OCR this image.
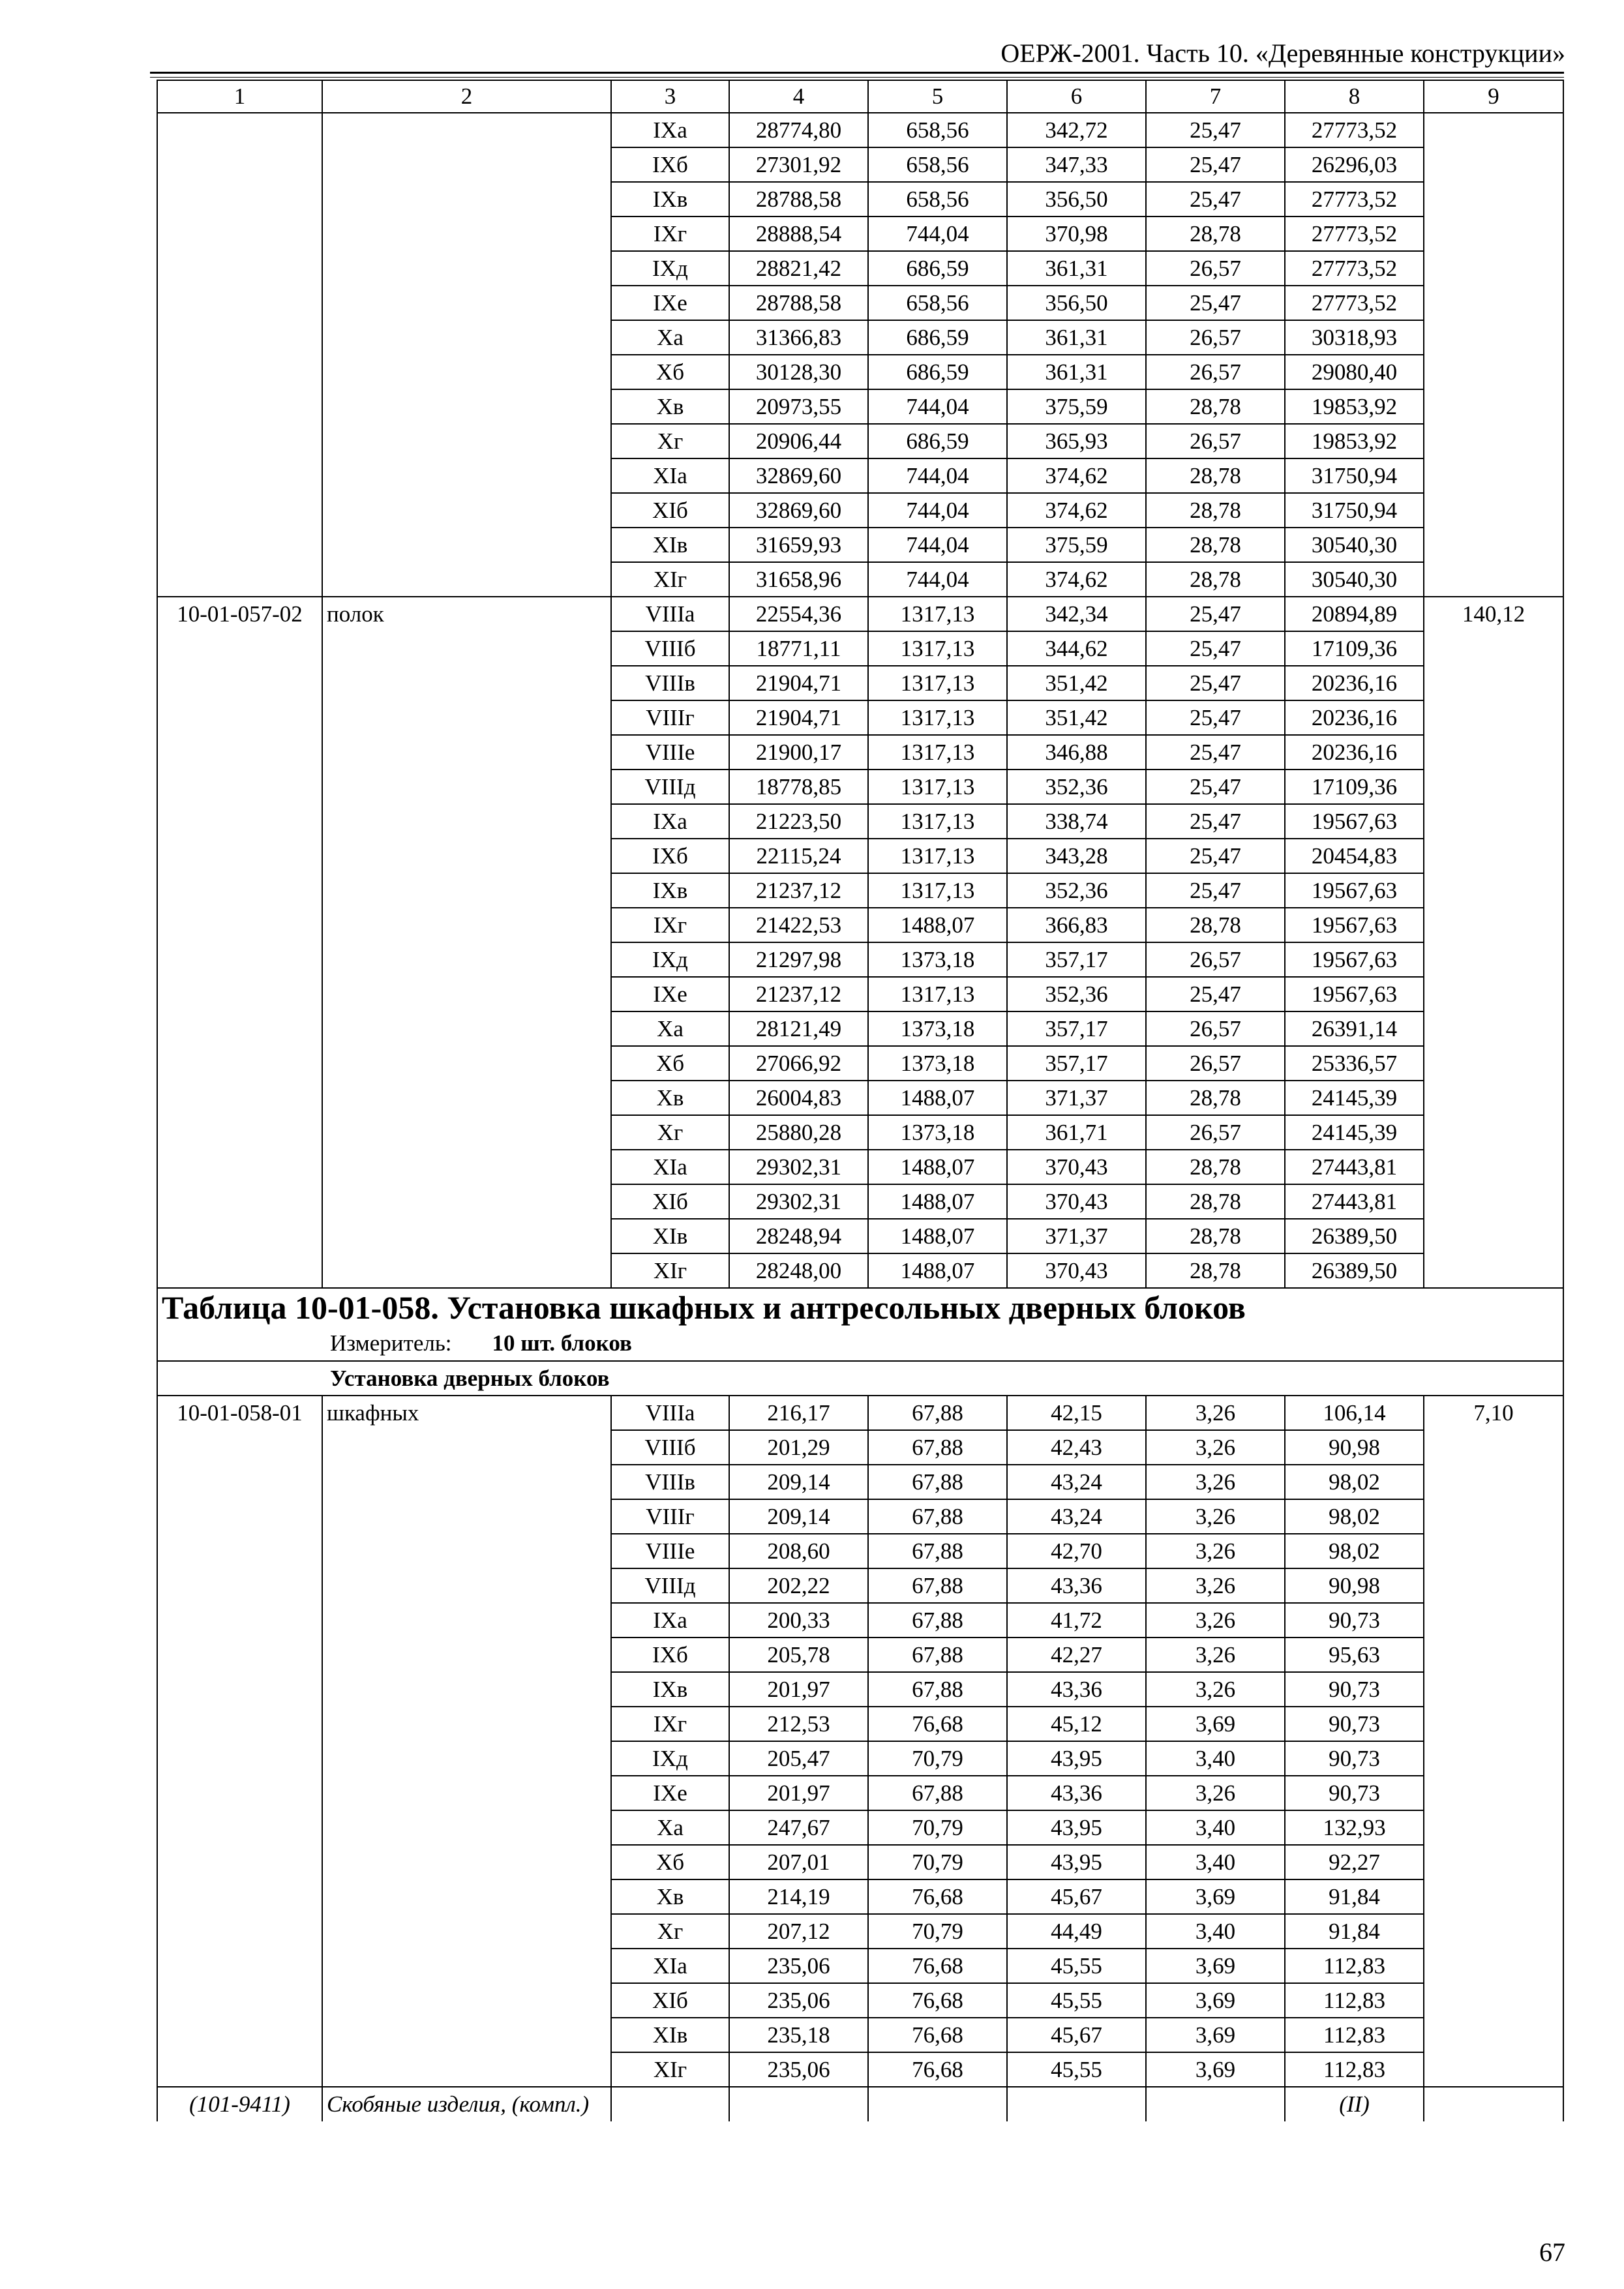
ОЕРЖ-2001. Часть 10. «Деревянные конструкции»
1	2	3	4	5	6	7	8	9
		IXa	28774,80	658,56	342,72	25,47	27773,52	
		IXб	27301,92	658,56	347,33	25,47	26296,03	
		IXв	28788,58	658,56	356,50	25,47	27773,52	
		IXг	28888,54	744,04	370,98	28,78	27773,52	
		IXд	28821,42	686,59	361,31	26,57	27773,52	
		IXe	28788,58	658,56	356,50	25,47	27773,52	
		Xa	31366,83	686,59	361,31	26,57	30318,93	
		Xб	30128,30	686,59	361,31	26,57	29080,40	
		Xв	20973,55	744,04	375,59	28,78	19853,92	
		Xг	20906,44	686,59	365,93	26,57	19853,92	
		XIa	32869,60	744,04	374,62	28,78	31750,94	
		XIб	32869,60	744,04	374,62	28,78	31750,94	
		XIв	31659,93	744,04	375,59	28,78	30540,30	
		XIг	31658,96	744,04	374,62	28,78	30540,30	
10-01-057-02	полок	VIIIa	22554,36	1317,13	342,34	25,47	20894,89	140,12
		VIIIб	18771,11	1317,13	344,62	25,47	17109,36	
		VIIIв	21904,71	1317,13	351,42	25,47	20236,16	
		VIIIг	21904,71	1317,13	351,42	25,47	20236,16	
		VIIIe	21900,17	1317,13	346,88	25,47	20236,16	
		VIIIд	18778,85	1317,13	352,36	25,47	17109,36	
		IXa	21223,50	1317,13	338,74	25,47	19567,63	
		IXб	22115,24	1317,13	343,28	25,47	20454,83	
		IXв	21237,12	1317,13	352,36	25,47	19567,63	
		IXг	21422,53	1488,07	366,83	28,78	19567,63	
		IXд	21297,98	1373,18	357,17	26,57	19567,63	
		IXe	21237,12	1317,13	352,36	25,47	19567,63	
		Xa	28121,49	1373,18	357,17	26,57	26391,14	
		Xб	27066,92	1373,18	357,17	26,57	25336,57	
		Xв	26004,83	1488,07	371,37	28,78	24145,39	
		Xг	25880,28	1373,18	361,71	26,57	24145,39	
		XIa	29302,31	1488,07	370,43	28,78	27443,81	
		XIб	29302,31	1488,07	370,43	28,78	27443,81	
		XIв	28248,94	1488,07	371,37	28,78	26389,50	
		XIг	28248,00	1488,07	370,43	28,78	26389,50	
Таблица 10-01-058. Установка шкафных и антресольных дверных блоков								
Измеритель: 10 шт. блоков								
Установка дверных блоков								
10-01-058-01	шкафных	VIIIa	216,17	67,88	42,15	3,26	106,14	7,10
		VIIIб	201,29	67,88	42,43	3,26	90,98	
		VIIIв	209,14	67,88	43,24	3,26	98,02	
		VIIIг	209,14	67,88	43,24	3,26	98,02	
		VIIIe	208,60	67,88	42,70	3,26	98,02	
		VIIIд	202,22	67,88	43,36	3,26	90,98	
		IXa	200,33	67,88	41,72	3,26	90,73	
		IXб	205,78	67,88	42,27	3,26	95,63	
		IXв	201,97	67,88	43,36	3,26	90,73	
		IXг	212,53	76,68	45,12	3,69	90,73	
		IXд	205,47	70,79	43,95	3,40	90,73	
		IXe	201,97	67,88	43,36	3,26	90,73	
		Xa	247,67	70,79	43,95	3,40	132,93	
		Xб	207,01	70,79	43,95	3,40	92,27	
		Xв	214,19	76,68	45,67	3,69	91,84	
		Xг	207,12	70,79	44,49	3,40	91,84	
		XIa	235,06	76,68	45,55	3,69	112,83	
		XIб	235,06	76,68	45,55	3,69	112,83	
		XIв	235,18	76,68	45,67	3,69	112,83	
		XIг	235,06	76,68	45,55	3,69	112,83	
(101-9411)	Скобяные изделия, (компл.)						(II)	
67
